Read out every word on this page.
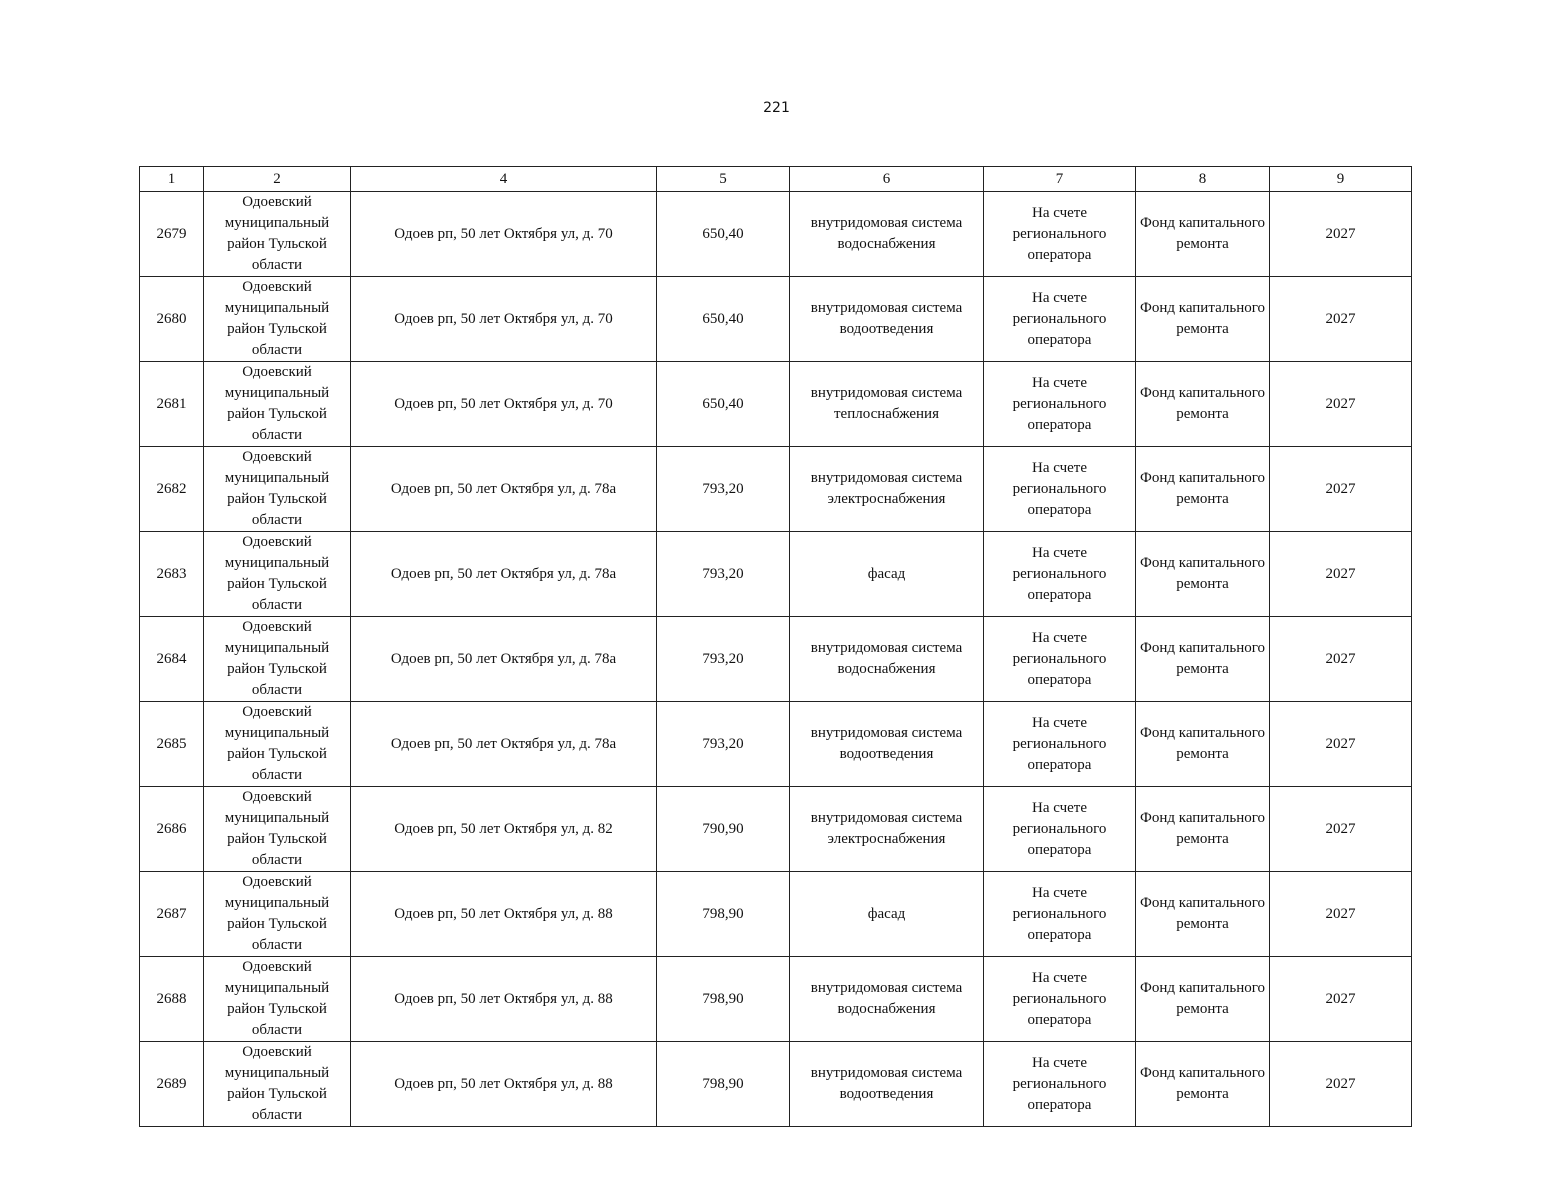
221
1	2	4	5	6	7	8	9
2679	Одоевский муниципальный район Тульской области	Одоев рп, 50 лет Октября ул, д. 70	650,40	внутридомовая система водоснабжения	На счете регионального оператора	Фонд капитального ремонта	2027
2680	Одоевский муниципальный район Тульской области	Одоев рп, 50 лет Октября ул, д. 70	650,40	внутридомовая система водоотведения	На счете регионального оператора	Фонд капитального ремонта	2027
2681	Одоевский муниципальный район Тульской области	Одоев рп, 50 лет Октября ул, д. 70	650,40	внутридомовая система теплоснабжения	На счете регионального оператора	Фонд капитального ремонта	2027
2682	Одоевский муниципальный район Тульской области	Одоев рп, 50 лет Октября ул, д. 78а	793,20	внутридомовая система электроснабжения	На счете регионального оператора	Фонд капитального ремонта	2027
2683	Одоевский муниципальный район Тульской области	Одоев рп, 50 лет Октября ул, д. 78а	793,20	фасад	На счете регионального оператора	Фонд капитального ремонта	2027
2684	Одоевский муниципальный район Тульской области	Одоев рп, 50 лет Октября ул, д. 78а	793,20	внутридомовая система водоснабжения	На счете регионального оператора	Фонд капитального ремонта	2027
2685	Одоевский муниципальный район Тульской области	Одоев рп, 50 лет Октября ул, д. 78а	793,20	внутридомовая система водоотведения	На счете регионального оператора	Фонд капитального ремонта	2027
2686	Одоевский муниципальный район Тульской области	Одоев рп, 50 лет Октября ул, д. 82	790,90	внутридомовая система электроснабжения	На счете регионального оператора	Фонд капитального ремонта	2027
2687	Одоевский муниципальный район Тульской области	Одоев рп, 50 лет Октября ул, д. 88	798,90	фасад	На счете регионального оператора	Фонд капитального ремонта	2027
2688	Одоевский муниципальный район Тульской области	Одоев рп, 50 лет Октября ул, д. 88	798,90	внутридомовая система водоснабжения	На счете регионального оператора	Фонд капитального ремонта	2027
2689	Одоевский муниципальный район Тульской области	Одоев рп, 50 лет Октября ул, д. 88	798,90	внутридомовая система водоотведения	На счете регионального оператора	Фонд капитального ремонта	2027
